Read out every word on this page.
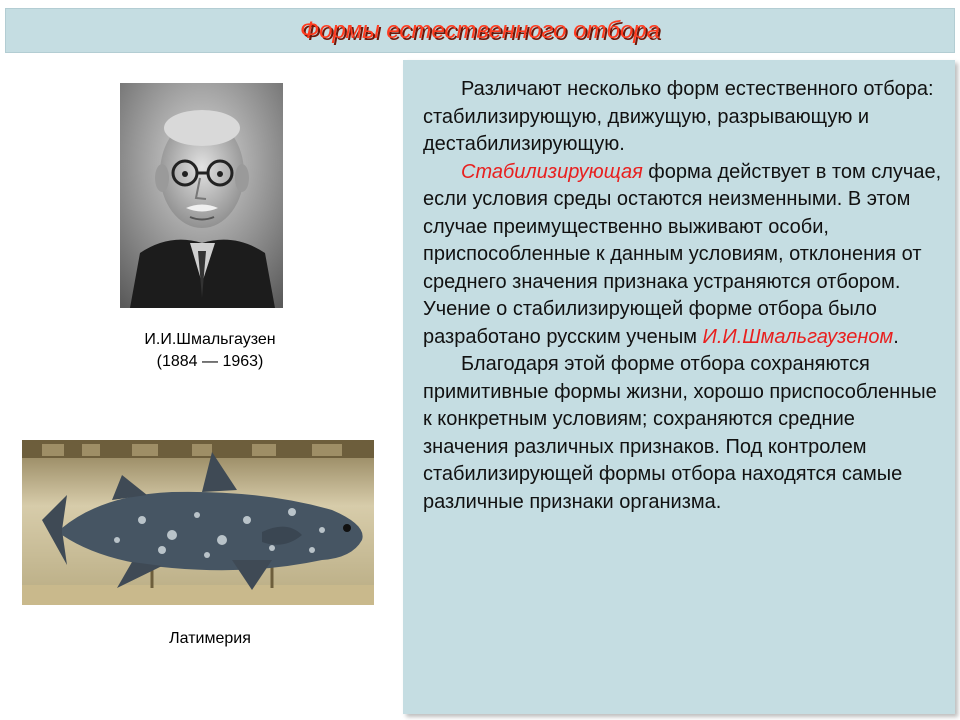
Формы естественного отбора
И.И.Шмальгаузен
(1884 — 1963)
Латимерия

Различают несколько форм естественного отбора: стабилизирующую, движущую, разрывающую и дестабилизирующую.

Стабилизирующая форма действует в том случае, если условия среды остаются неизменными. В этом случае преимущественно выживают особи, приспособленные к данным условиям, отклонения от среднего значения признака устраняются отбором. Учение о стабилизирующей форме отбора было разработано русским ученым И.И.Шмальгаузеном.

Благодаря этой форме отбора сохраняются примитивные формы жизни, хорошо приспособленные к конкретным условиям; сохраняются средние значения различных признаков. Под контролем стабилизирующей формы отбора находятся самые различные признаки организма.
